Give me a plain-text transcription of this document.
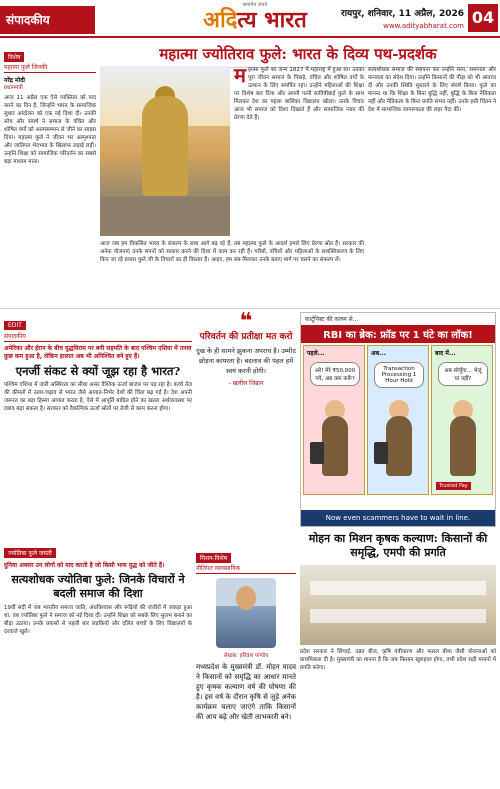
संपादकीय
सत्यमेव जयते
अदित्य भारत	रायपुर, शनिवार, 11 अप्रैल, 2026
www.adityabharat.com 04
विशेष
महात्मा फुले जिनकी
नरेंद्र मोदी
प्रधानमंत्री
आज 11 अप्रैल एक ऐसे व्यक्तित्व को याद करने का दिन है, जिन्होंने भारत के सामाजिक सुधार आंदोलन को एक नई दिशा दी। उनकी सोच और संघर्ष ने समाज के वंचित और शोषित वर्गों को आत्मसम्मान से जीने का साहस दिया। महात्मा फुले ने जीवन भर अस्पृश्यता और जातिगत भेदभाव के खिलाफ लड़ाई लड़ी। उन्होंने शिक्षा को सामाजिक परिवर्तन का सबसे बड़ा माध्यम माना।
महात्मा ज्योतिराव फुले: भारत के दिव्य पथ-प्रदर्शक
महात्मा फुले का जन्म 1827 में महाराष्ट्र में हुआ था। उनका पूरा जीवन समाज के पिछड़े, वंचित और शोषित वर्गों के उत्थान के लिए समर्पित रहा। उन्होंने महिलाओं की शिक्षा पर विशेष बल दिया और अपनी पत्नी सावित्रीबाई फुले के साथ मिलकर देश का पहला बालिका विद्यालय खोला। उनके विचार आज भी समाज को दिशा दिखाते हैं और सामाजिक न्याय की प्रेरणा देते हैं।
सत्यशोधक समाज की स्थापना कर उन्होंने सत्य, समानता और मानवता का संदेश दिया। उन्होंने किसानों की पीड़ा को भी आवाज दी और उनकी स्थिति सुधारने के लिए संघर्ष किया। फुले का मानना था कि शिक्षा के बिना बुद्धि नहीं, बुद्धि के बिना नैतिकता नहीं और नैतिकता के बिना प्रगति संभव नहीं। उनके इसी चिंतन ने देश में सामाजिक जागरूकता की लहर पैदा की।
आज जब हम विकसित भारत के संकल्प के साथ आगे बढ़ रहे हैं, तब महात्मा फुले के आदर्श हमारे लिए प्रेरणा स्रोत हैं। सरकार की अनेक योजनाएं उनके सपनों को साकार करने की दिशा में काम कर रही हैं। गरीबों, वंचितों और महिलाओं के सशक्तिकरण के लिए किए जा रहे प्रयास फुले जी के विचारों का ही विस्तार हैं। आइए, हम सब मिलकर उनके बताए मार्ग पर चलने का संकल्प लें।
EDIT
संपादकीय
अमेरिका और ईरान के बीच युद्धविराम पर बनी सहमति के बाद पश्चिम एशिया में तनाव कुछ कम हुआ है, लेकिन हालात अब भी अनिश्चित बने हुए हैं।
एनर्जी संकट से क्यों जूझ रहा है भारत?
पश्चिम एशिया में जारी अस्थिरता का सीधा असर वैश्विक ऊर्जा बाजार पर पड़ रहा है। कच्चे तेल की कीमतों में उतार-चढ़ाव से भारत जैसे आयात-निर्भर देशों की चिंता बढ़ गई है। देश अपनी जरूरत का बड़ा हिस्सा आयात करता है, ऐसे में आपूर्ति बाधित होने का खतरा अर्थव्यवस्था पर दबाव बढ़ा सकता है। सरकार को वैकल्पिक ऊर्जा स्रोतों पर तेजी से काम करना होगा।
❝
परिवर्तन की प्रतीक्षा मत करो
दुख के ही सामने झुकना अपराध है। उम्मीद छोड़ना कायरता है। बदलाव की पहल हमें स्वयं करनी होगी।
- खलील जिब्रान
कार्टूनिस्ट की कलम से...
RBI का ब्रेक: फ्रॉड पर 1 घंटे का लॉक!
पहले...
अरे! मेरे ₹50,000 गये, अब क्या करूँ?
अब...
Transaction Processing 1 Hour Hold
बाद में...
अब सोचूँगा... भेजूं या नहीं?
Trusted Pay
Now even scammers have to wait in line.
ज्योतिबा फुले जयंती
दुनिया अक्सर उन लोगों को याद करती है जो किसी भव्य युद्ध को जीते हैं।
सत्यशोधक ज्योतिबा फुले: जिनके विचारों ने बदली समाज की दिशा
19वीं सदी में जब भारतीय समाज जाति, अंधविश्वास और रूढ़ियों की जंजीरों में जकड़ा हुआ था, तब ज्योतिबा फुले ने समाज को नई दिशा दी। उन्होंने शिक्षा को सबके लिए सुलभ बनाने का बीड़ा उठाया। उनके प्रयासों से पहली बार लड़कियों और दलित बच्चों के लिए विद्यालयों के दरवाजे खुले।
मिशन-विशेष
नीतिगत व्यावसायिक
लेखक: हरिवंश पाण्डेय
मध्यप्रदेश के मुख्यमंत्री डॉ. मोहन यादव ने किसानों को समृद्धि का आधार मानते हुए कृषक कल्याण वर्ष की घोषणा की है। इस वर्ष के दौरान कृषि से जुड़े अनेक कार्यक्रम चलाए जाएंगे ताकि किसानों की आय बढ़े और खेती लाभकारी बने।
मोहन का मिशन कृषक कल्याण: किसानों की समृद्धि, एमपी की प्रगति
प्रदेश सरकार ने सिंचाई, उन्नत बीज, कृषि यंत्रीकरण और फसल बीमा जैसी योजनाओं को प्राथमिकता दी है। मुख्यमंत्री का मानना है कि जब किसान खुशहाल होगा, तभी प्रदेश सही मायनों में प्रगति करेगा।
